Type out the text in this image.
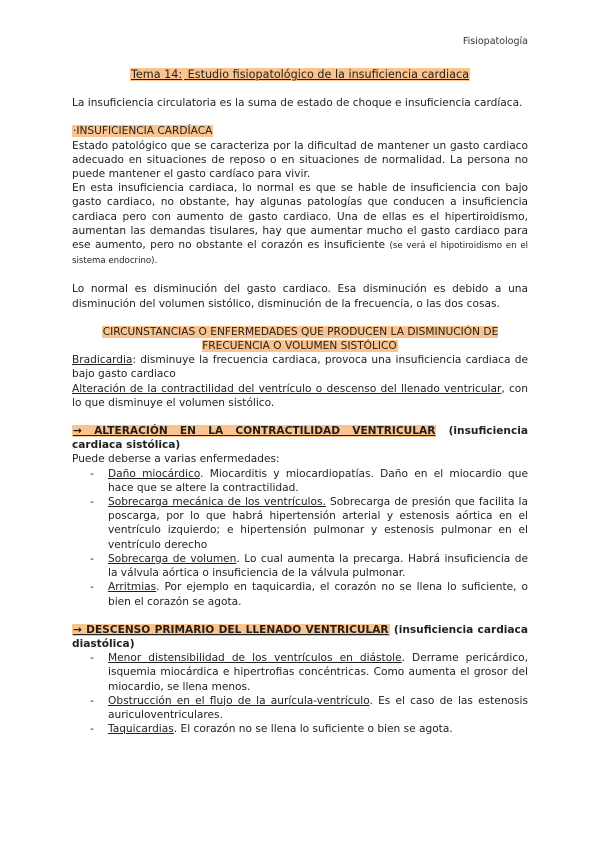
Fisiopatología
Tema 14: Estudio fisiopatológico de la insuficiencia cardiaca

La insuficiencia circulatoria es la suma de estado de choque e insuficiencia cardíaca.

·INSUFICIENCIA CARDÍACA

Estado patológico que se caracteriza por la dificultad de mantener un gasto cardiaco adecuado en situaciones de reposo o en situaciones de normalidad. La persona no puede mantener el gasto cardíaco para vivir.

En esta insuficiencia cardiaca, lo normal es que se hable de insuficiencia con bajo gasto cardiaco, no obstante, hay algunas patologías que conducen a insuficiencia cardiaca pero con aumento de gasto cardiaco. Una de ellas es el hipertiroidismo, aumentan las demandas tisulares, hay que aumentar mucho el gasto cardiaco para ese aumento, pero no obstante el corazón es insuficiente (se verá el hipotiroidismo en el sistema endocrino).

Lo normal es disminución del gasto cardiaco. Esa disminución es debido a una disminución del volumen sistólico, disminución de la frecuencia, o las dos cosas.

CIRCUNSTANCIAS O ENFERMEDADES QUE PRODUCEN LA DISMINUCIÓN DE FRECUENCIA O VOLUMEN SISTÓLICO

Bradicardia: disminuye la frecuencia cardiaca, provoca una insuficiencia cardiaca de bajo gasto cardiaco

Alteración de la contractilidad del ventrículo o descenso del llenado ventricular, con lo que disminuye el volumen sistólico.

→ ALTERACIÓN EN LA CONTRACTILIDAD VENTRICULAR (insuficiencia cardiaca sistólica)

Puede deberse a varias enfermedades:

- Daño miocárdico. Miocarditis y miocardiopatías. Daño en el miocardio que hace que se altere la contractilidad.
- Sobrecarga mecánica de los ventrículos. Sobrecarga de presión que facilita la poscarga, por lo que habrá hipertensión arterial y estenosis aórtica en el ventrículo izquierdo; e hipertensión pulmonar y estenosis pulmonar en el ventrículo derecho
- Sobrecarga de volumen. Lo cual aumenta la precarga. Habrá insuficiencia de la válvula aórtica o insuficiencia de la válvula pulmonar.
- Arritmias. Por ejemplo en taquicardia, el corazón no se llena lo suficiente, o bien el corazón se agota.

→ DESCENSO PRIMARIO DEL LLENADO VENTRICULAR (insuficiencia cardiaca diastólica)

- Menor distensibilidad de los ventrículos en diástole. Derrame pericárdico, isquemia miocárdica e hipertrofias concéntricas. Como aumenta el grosor del miocardio, se llena menos.
- Obstrucción en el flujo de la aurícula-ventrículo. Es el caso de las estenosis auriculoventriculares.
- Taquicardias. El corazón no se llena lo suficiente o bien se agota.
